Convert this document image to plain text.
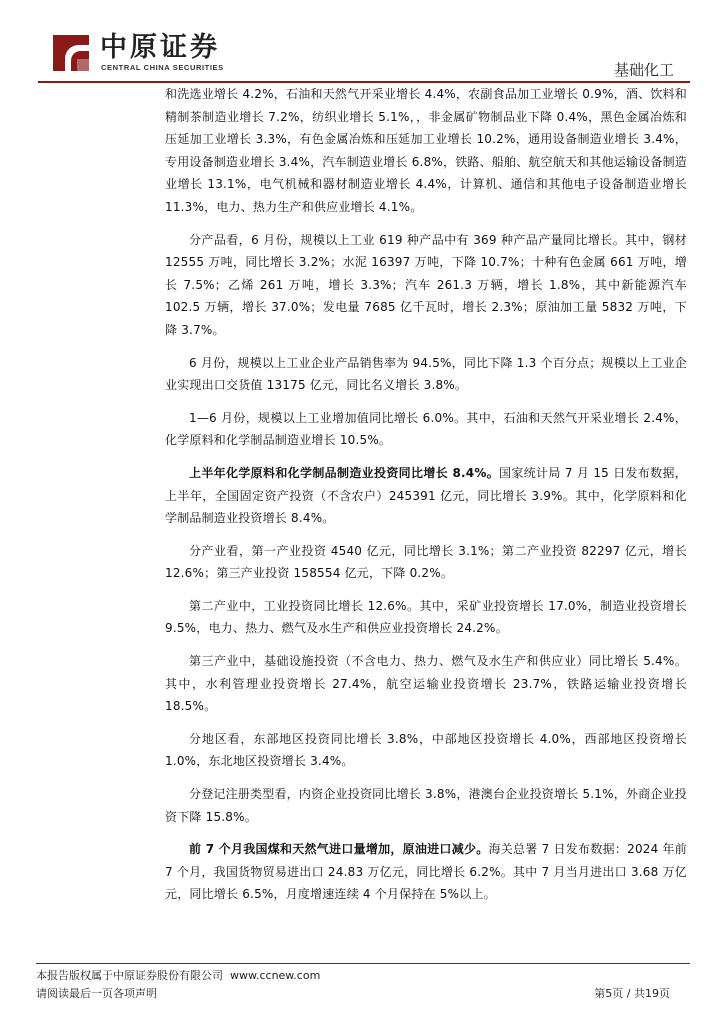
中原证券
CENTRAL CHINA SECURITIES	基础化工

和洗选业增长 4.2%，石油和天然气开采业增长 4.4%，农副食品加工业增长 0.9%，酒、饮料和精制茶制造业增长 7.2%，纺织业增长 5.1%，，非金属矿物制品业下降 0.4%，黑色金属冶炼和压延加工业增长 3.3%，有色金属冶炼和压延加工业增长 10.2%，通用设备制造业增长 3.4%，专用设备制造业增长 3.4%，汽车制造业增长 6.8%，铁路、船舶、航空航天和其他运输设备制造业增长 13.1%，电气机械和器材制造业增长 4.4%，计算机、通信和其他电子设备制造业增长 11.3%，电力、热力生产和供应业增长 4.1%。

分产品看，6 月份，规模以上工业 619 种产品中有 369 种产品产量同比增长。其中，钢材 12555 万吨，同比增长 3.2%；水泥 16397 万吨，下降 10.7%；十种有色金属 661 万吨，增长 7.5%；乙烯 261 万吨，增长 3.3%；汽车 261.3 万辆，增长 1.8%，其中新能源汽车 102.5 万辆，增长 37.0%；发电量 7685 亿千瓦时，增长 2.3%；原油加工量 5832 万吨，下降 3.7%。

6 月份，规模以上工业企业产品销售率为 94.5%，同比下降 1.3 个百分点；规模以上工业企业实现出口交货值 13175 亿元，同比名义增长 3.8%。

1—6 月份，规模以上工业增加值同比增长 6.0%。其中，石油和天然气开采业增长 2.4%，化学原料和化学制品制造业增长 10.5%。

上半年化学原料和化学制品制造业投资同比增长 8.4%。国家统计局 7 月 15 日发布数据，上半年，全国固定资产投资（不含农户）245391 亿元，同比增长 3.9%。其中，化学原料和化学制品制造业投资增长 8.4%。

分产业看，第一产业投资 4540 亿元，同比增长 3.1%；第二产业投资 82297 亿元，增长 12.6%；第三产业投资 158554 亿元，下降 0.2%。

第二产业中，工业投资同比增长 12.6%。其中，采矿业投资增长 17.0%，制造业投资增长 9.5%，电力、热力、燃气及水生产和供应业投资增长 24.2%。

第三产业中，基础设施投资（不含电力、热力、燃气及水生产和供应业）同比增长 5.4%。其中，水利管理业投资增长 27.4%，航空运输业投资增长 23.7%，铁路运输业投资增长 18.5%。

分地区看，东部地区投资同比增长 3.8%，中部地区投资增长 4.0%，西部地区投资增长 1.0%，东北地区投资增长 3.4%。

分登记注册类型看，内资企业投资同比增长 3.8%，港澳台企业投资增长 5.1%，外商企业投资下降 15.8%。

前 7 个月我国煤和天然气进口量增加，原油进口减少。海关总署 7 日发布数据：2024 年前 7 个月，我国货物贸易进出口 24.83 万亿元，同比增长 6.2%。其中 7 月当月进出口 3.68 万亿元，同比增长 6.5%，月度增速连续 4 个月保持在 5%以上。

本报告版权属于中原证券股份有限公司 www.ccnew.com
请阅读最后一页各项声明	第5页 / 共19页
